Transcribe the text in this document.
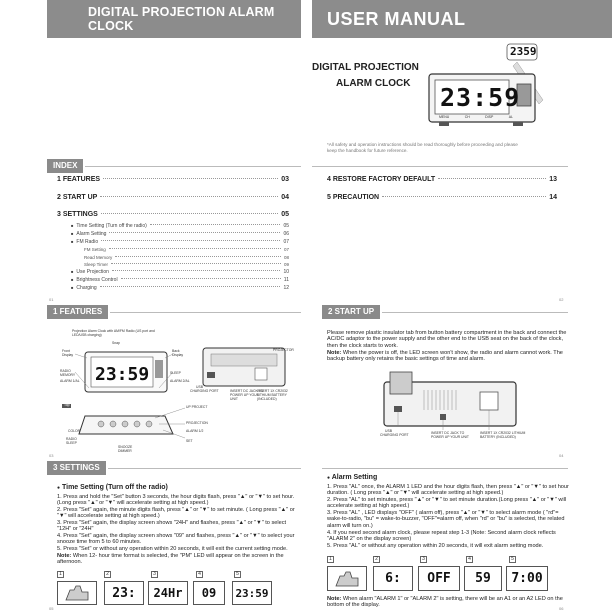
DIGITAL PROJECTION ALARM CLOCK	USER MANUAL
DIGITAL PROJECTION
ALARM CLOCK 23:59
2359
MENU	CH	DISP	AL
*All safety and operation instructions should be read thoroughly before proceeding and please keep the handbook for future reference.
INDEX
1 FEATURES	03
2 START UP	04
3 SETTINGS	05
■ Time Setting (Turn off the radio)	05
■ Alarm Setting	06
■ FM Radio	07
FM Setting	07
Read Memory	08
Sleep Timer	09
■ Use Projection	10
■ Brightness Control	11
■ Charging	12
4 RESTORE FACTORY DEFAULT	13
5 PRECAUTION	14
01	02
1 FEATURES
Projection Alarm Clock with AM/FM Radio (US port and LED/USB charging)
23:59
Snap
Front
Display
RADIO
MEMORY
ALARM 1/AL
Back
Display
SLEEP
ALARM 2/AL
PROJECTOR
USB
CHARGING PORT	INSERT DC JACK TO POWER UP YOUR UNIT
INSERT 1X CR2032 LITHIUM BATTERY (INCLUDED)
Top	UP PROJECT
PROJECTION
ALARM 1/2
SET
COLOR
RADIO
SLEEP
SNOOZE
DIMMER
03
2 START UP
Please remove plastic insulator tab from button battery compartment in the back and connect the AC/DC adaptor to the power supply and the other end to the USB seat on the back of the clock, then the clock starts to work.
Note: When the power is off, the LED screen won't show, the radio and alarm cannot work. The backup battery only retains the basic settings of time and alarm.
USB
CHARGING PORT	INSERT DC JACK TO POWER UP YOUR UNIT
INSERT 1X CR2032 LITHIUM BATTERY (INCLUDED)
04
3 SETTINGS
● Time Setting (Turn off the radio)
1. Press and hold the "Set" button 3 seconds, the hour digits flash, press "▲" or "▼" to set hour. (Long press "▲" or "▼" will accelerate setting at high speed.)
2. Press "Set" again, the minute digits flash, press "▲" or "▼" to set minute. ( Long press "▲" or "▼" will accelerate setting at high speed.)
3. Press "Set" again, the display screen shows "24H" and flashes, press "▲" or "▼" to select "12H" or "24H"
4. Press "Set" again, the display screen shows "09" and flashes, press "▲" or "▼" to select your snooze time from 5 to 60 minutes.
5. Press "Set" or without any operation within 20 seconds, it will exit the current setting mode.
Note: When 12- hour time format is selected, the "PM" LED will appear on the screen in the afternoon.
1	2	3	4	5
23: 24Hr 09 23:59
05
● Alarm Setting
1. Press "AL" once, the ALARM 1 LED and the hour digits flash, then press "▲" or "▼" to set hour duration. ( Long press "▲" or "▼" will accelerate setting at high speed.)
2. Press "AL" to set minutes, press "▲" or "▼" to set minute duration.(Long press "▲" or "▼" will accelerate setting at high speed.)
3. Press "AL" , LED displays "OFF" ( alarm off), press "▲" or "▼" to select alarm mode ( "rd"= wake-to-radio, "bu" = wake-to-buzzer, "OFF"=alarm off, when "rd" or "bu" is selected, the related alarm will turn on.)
4. If you need second alarm clock, please repeat step 1-3 (Note: Second alarm clock reflects "ALARM 2" on the display screen)
5. Press "AL" or without any operation within 20 seconds, it will exit alarm setting mode.
1	2	3	4	5
6: OFF 59 7:00
Note: When alarm "ALARM 1" or "ALARM 2" is setting, there will be an A1 or an A2 LED on the bottom of the display.
06
